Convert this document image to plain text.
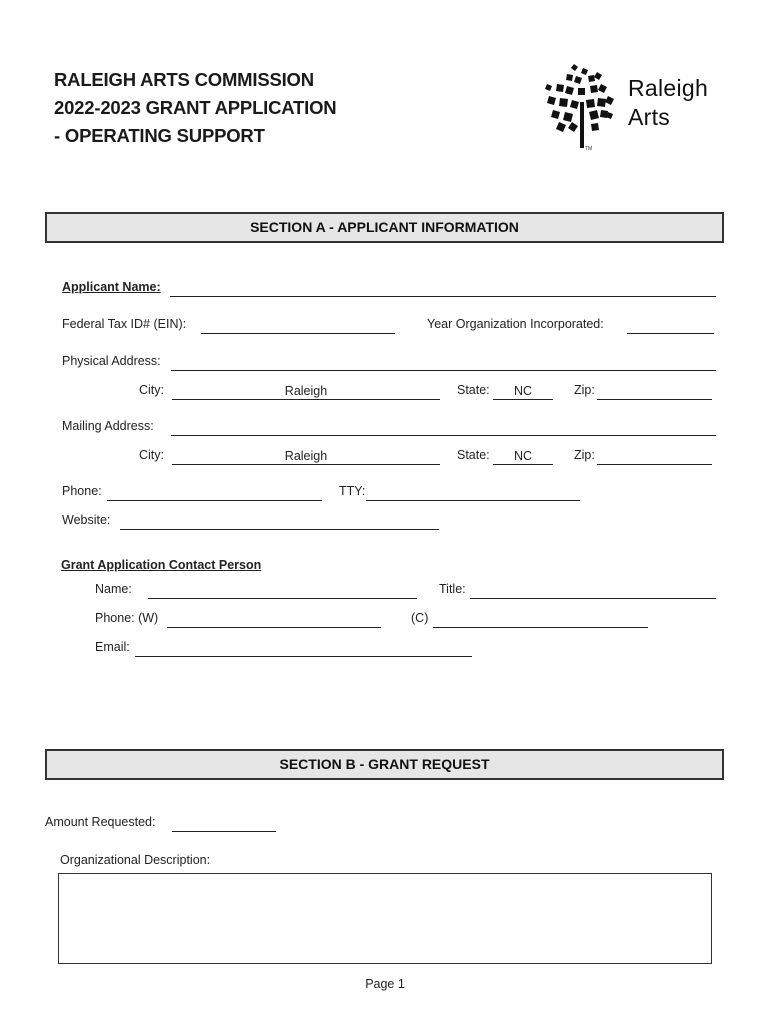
RALEIGH ARTS COMMISSION
2022-2023 GRANT APPLICATION
- OPERATING SUPPORT
Raleigh
Arts
TM
SECTION A - APPLICANT INFORMATION
Applicant Name:
Federal Tax ID# (EIN):	Year Organization Incorporated:
Physical Address:
City:	Raleigh	State:	NC	Zip:
Mailing Address:
City:	Raleigh	State:	NC	Zip:
Phone:	TTY:
Website:
Grant Application Contact Person
Name:	Title:
Phone: (W)	(C)
Email:
SECTION B - GRANT REQUEST
Amount Requested:
Organizational Description:
Page 1
